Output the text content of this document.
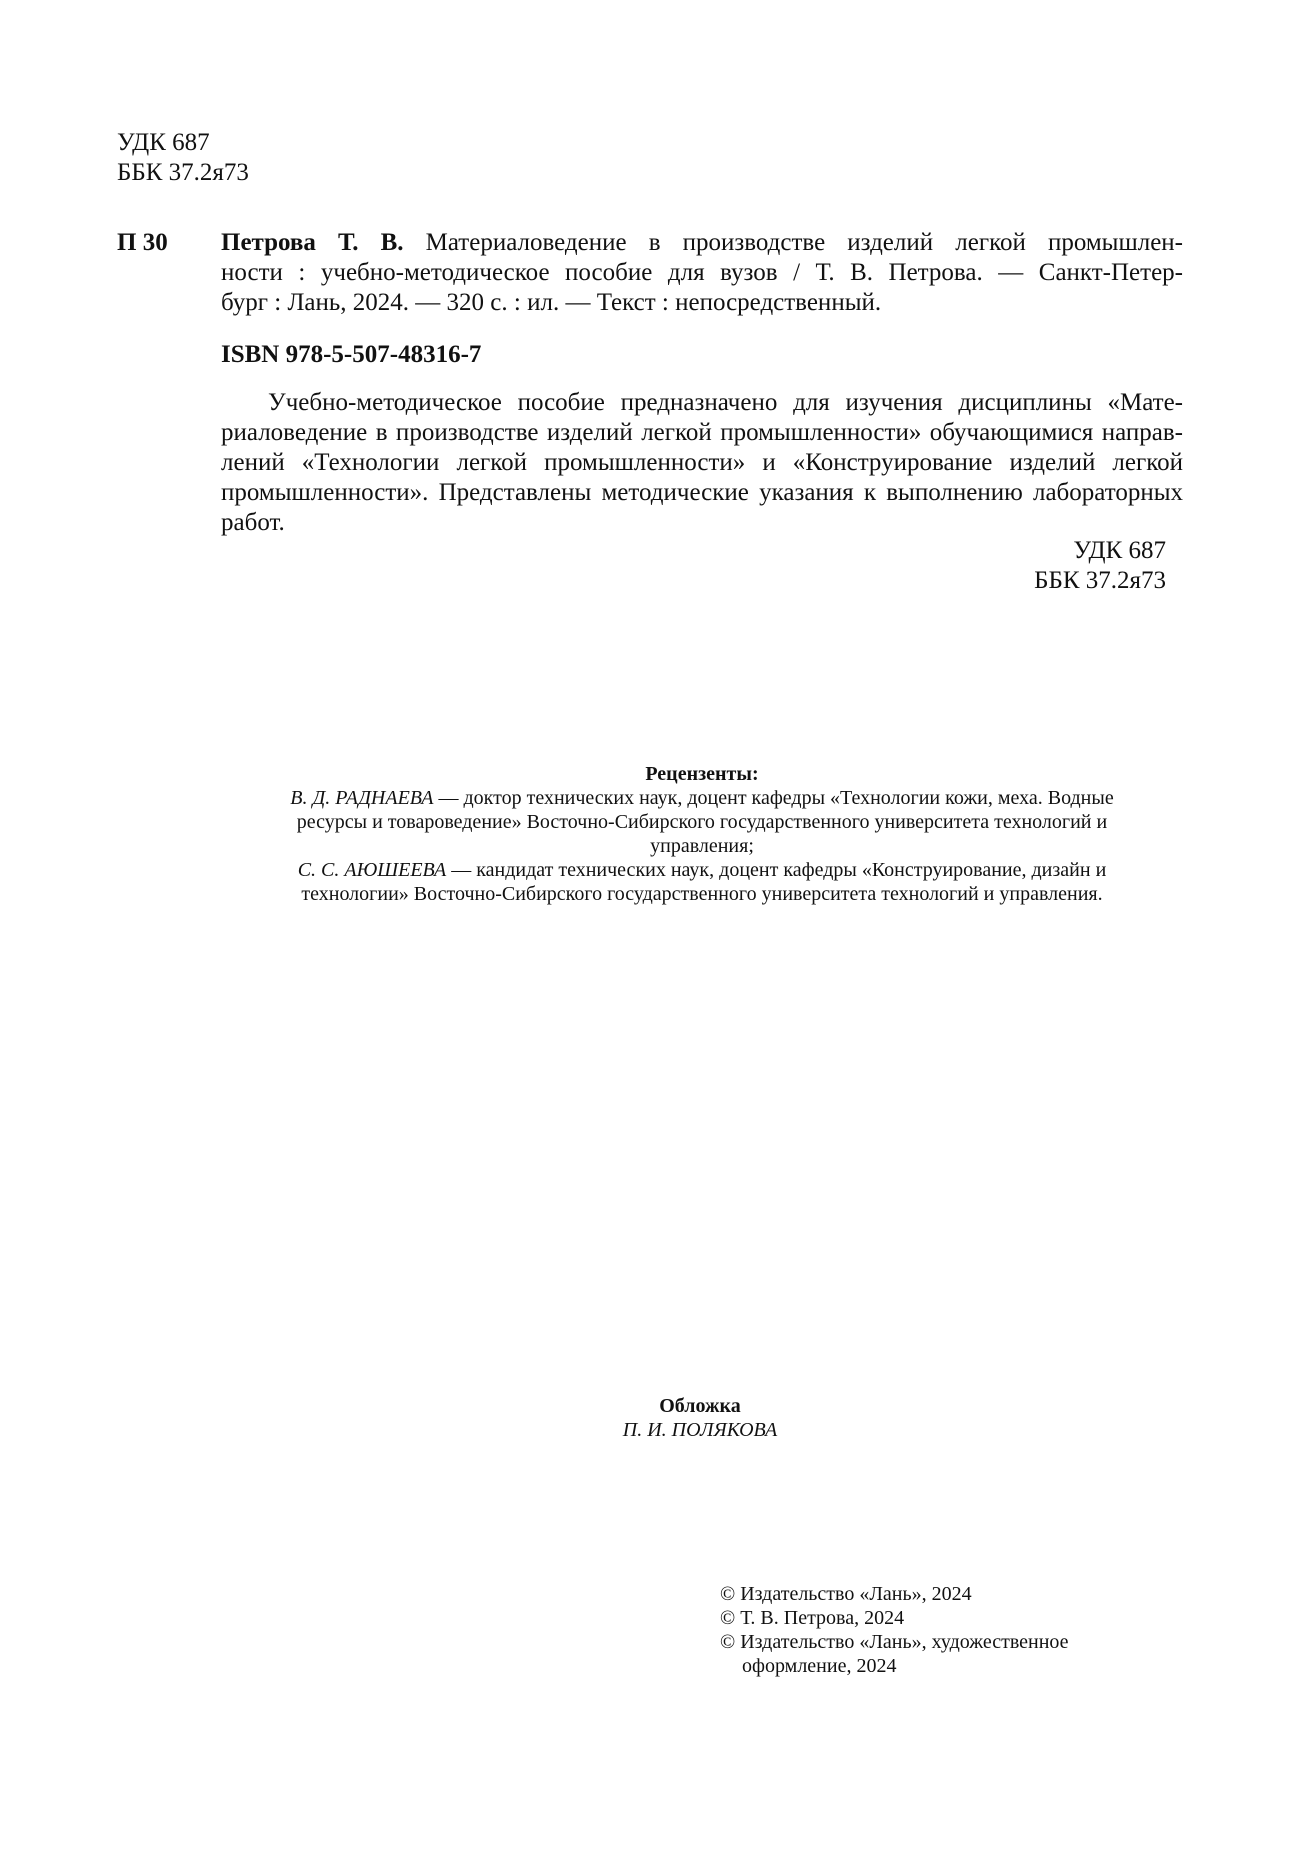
УДК 687
ББК 37.2я73
П 30 Петрова Т. В. Материаловедение в производстве изделий легкой промышлен-
ности : учебно-методическое пособие для вузов / Т. В. Петрова. — Санкт-Петер-
бург : Лань, 2024. — 320 с. : ил. — Текст : непосредственный.
ISBN 978-5-507-48316-7
Учебно-методическое пособие предназначено для изучения дисциплины «Мате-
риаловедение в производстве изделий легкой промышленности» обучающимися направ-
лений «Технологии легкой промышленности» и «Конструирование изделий легкой
промышленности». Представлены методические указания к выполнению лабораторных
работ.
УДК 687
ББК 37.2я73
Рецензенты:
В. Д. РАДНАЕВА — доктор технических наук, доцент кафедры «Технологии кожи, меха. Водные
ресурсы и товароведение» Восточно-Сибирского государственного университета технологий и
управления;
С. С. АЮШЕЕВА — кандидат технических наук, доцент кафедры «Конструирование, дизайн и
технологии» Восточно-Сибирского государственного университета технологий и управления.
Обложка
П. И. ПОЛЯКОВА
© Издательство «Лань», 2024
© Т. В. Петрова, 2024
© Издательство «Лань», художественное
оформление, 2024
